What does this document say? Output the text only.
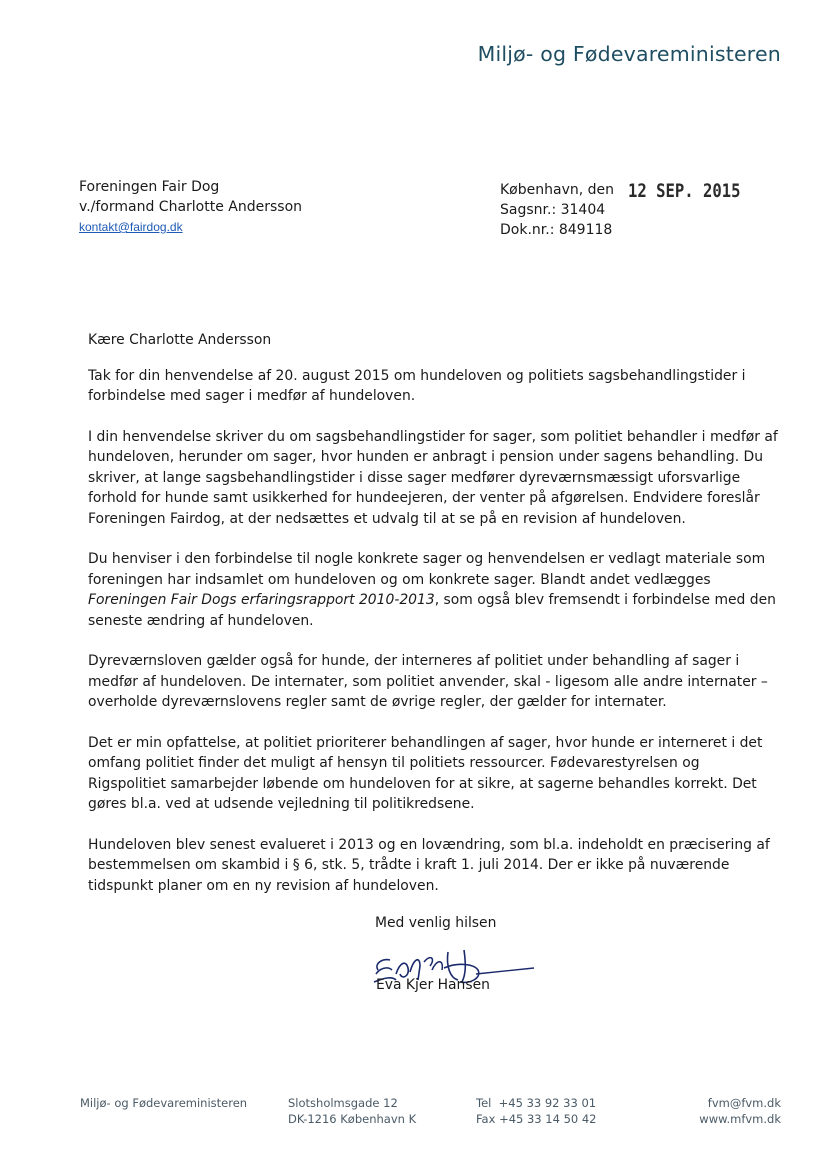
Miljø- og Fødevareministeren
Foreningen Fair Dog
v./formand Charlotte Andersson
kontakt@fairdog.dk
København, den
Sagsnr.: 31404
Dok.nr.: 849118
12 SEP. 2015

Kære Charlotte Andersson

Tak for din henvendelse af 20. august 2015 om hundeloven og politiets sagsbehandlingstider i forbindelse med sager i medfør af hundeloven.

I din henvendelse skriver du om sagsbehandlingstider for sager, som politiet behandler i medfør af hundeloven, herunder om sager, hvor hunden er anbragt i pension under sagens behandling. Du skriver, at lange sagsbehandlingstider i disse sager medfører dyreværnsmæssigt uforsvarlige forhold for hunde samt usikkerhed for hundeejeren, der venter på afgørelsen. Endvidere foreslår Foreningen Fairdog, at der nedsættes et udvalg til at se på en revision af hundeloven.

Du henviser i den forbindelse til nogle konkrete sager og henvendelsen er vedlagt materiale som foreningen har indsamlet om hundeloven og om konkrete sager. Blandt andet vedlægges Foreningen Fair Dogs erfaringsrapport 2010-2013, som også blev fremsendt i forbindelse med den seneste ændring af hundeloven.

Dyreværnsloven gælder også for hunde, der interneres af politiet under behandling af sager i medfør af hundeloven. De internater, som politiet anvender, skal - ligesom alle andre internater – overholde dyreværnslovens regler samt de øvrige regler, der gælder for internater.

Det er min opfattelse, at politiet prioriterer behandlingen af sager, hvor hunde er interneret i det omfang politiet finder det muligt af hensyn til politiets ressourcer. Fødevarestyrelsen og Rigspolitiet samarbejder løbende om hundeloven for at sikre, at sagerne behandles korrekt. Det gøres bl.a. ved at udsende vejledning til politikredsene.

Hundeloven blev senest evalueret i 2013 og en lovændring, som bl.a. indeholdt en præcisering af bestemmelsen om skambid i § 6, stk. 5, trådte i kraft 1. juli 2014. Der er ikke på nuværende tidspunkt planer om en ny revision af hundeloven.

Med venlig hilsen
Eva Kjer Hansen
Miljø- og Fødevareministeren	Slotsholmsgade 12
DK-1216 København K
Tel  +45 33 92 33 01
Fax +45 33 14 50 42
fvm@fvm.dk
www.mfvm.dk
